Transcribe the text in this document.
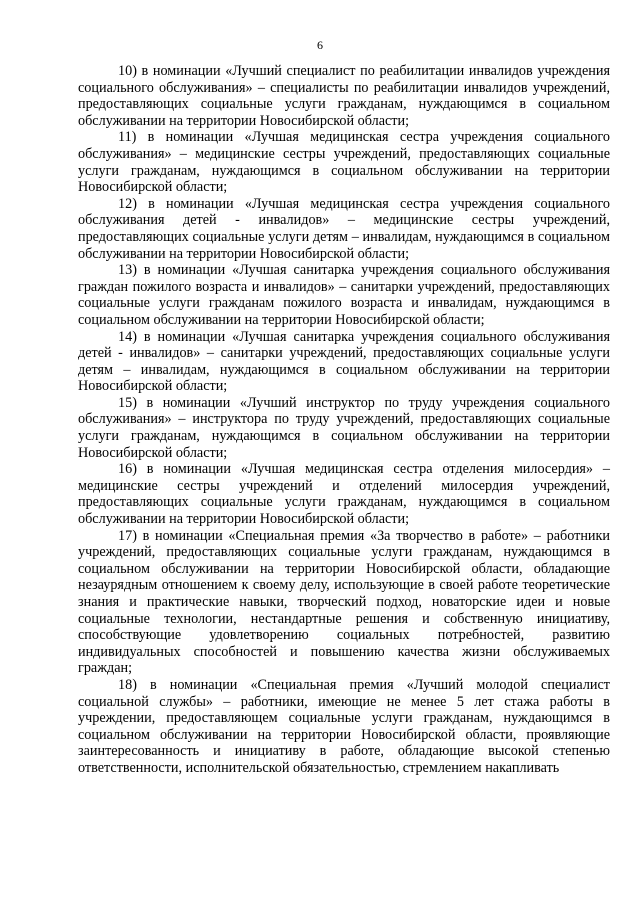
6

10) в номинации «Лучший специалист по реабилитации инвалидов учреждения социального обслуживания» – специалисты по реабилитации инвалидов учреждений, предоставляющих социальные услуги гражданам, нуждающимся в социальном обслуживании на территории Новосибирской области;

11) в номинации «Лучшая медицинская сестра учреждения социального обслуживания» – медицинские сестры учреждений, предоставляющих социальные услуги гражданам, нуждающимся в социальном обслуживании на территории Новосибирской области;

12) в номинации «Лучшая медицинская сестра учреждения социального обслуживания детей - инвалидов» – медицинские сестры учреждений, предоставляющих социальные услуги детям – инвалидам, нуждающимся в социальном обслуживании на территории Новосибирской области;

13) в номинации «Лучшая санитарка учреждения социального обслуживания граждан пожилого возраста и инвалидов» – санитарки учреждений, предоставляющих социальные услуги гражданам пожилого возраста и инвалидам, нуждающимся в социальном обслуживании на территории Новосибирской области;

14) в номинации «Лучшая санитарка учреждения социального обслуживания детей - инвалидов» – санитарки учреждений, предоставляющих социальные услуги детям – инвалидам, нуждающимся в социальном обслуживании на территории Новосибирской области;

15) в номинации «Лучший инструктор по труду учреждения социального обслуживания» – инструктора по труду учреждений, предоставляющих социальные услуги гражданам, нуждающимся в социальном обслуживании на территории Новосибирской области;

16) в номинации «Лучшая медицинская сестра отделения милосердия» – медицинские сестры учреждений и отделений милосердия учреждений, предоставляющих социальные услуги гражданам, нуждающимся в социальном обслуживании на территории Новосибирской области;

17) в номинации «Специальная премия «За творчество в работе» – работники учреждений, предоставляющих социальные услуги гражданам, нуждающимся в социальном обслуживании на территории Новосибирской области, обладающие незаурядным отношением к своему делу, использующие в своей работе теоретические знания и практические навыки, творческий подход, новаторские идеи и новые социальные технологии, нестандартные решения и собственную инициативу, способствующие удовлетворению социальных потребностей, развитию индивидуальных способностей и повышению качества жизни обслуживаемых граждан;

18) в номинации «Специальная премия «Лучший молодой специалист социальной службы» – работники, имеющие не менее 5 лет стажа работы в учреждении, предоставляющем социальные услуги гражданам, нуждающимся в социальном обслуживании на территории Новосибирской области, проявляющие заинтересованность и инициативу в работе, обладающие высокой степенью ответственности, исполнительской обязательностью, стремлением накапливать
